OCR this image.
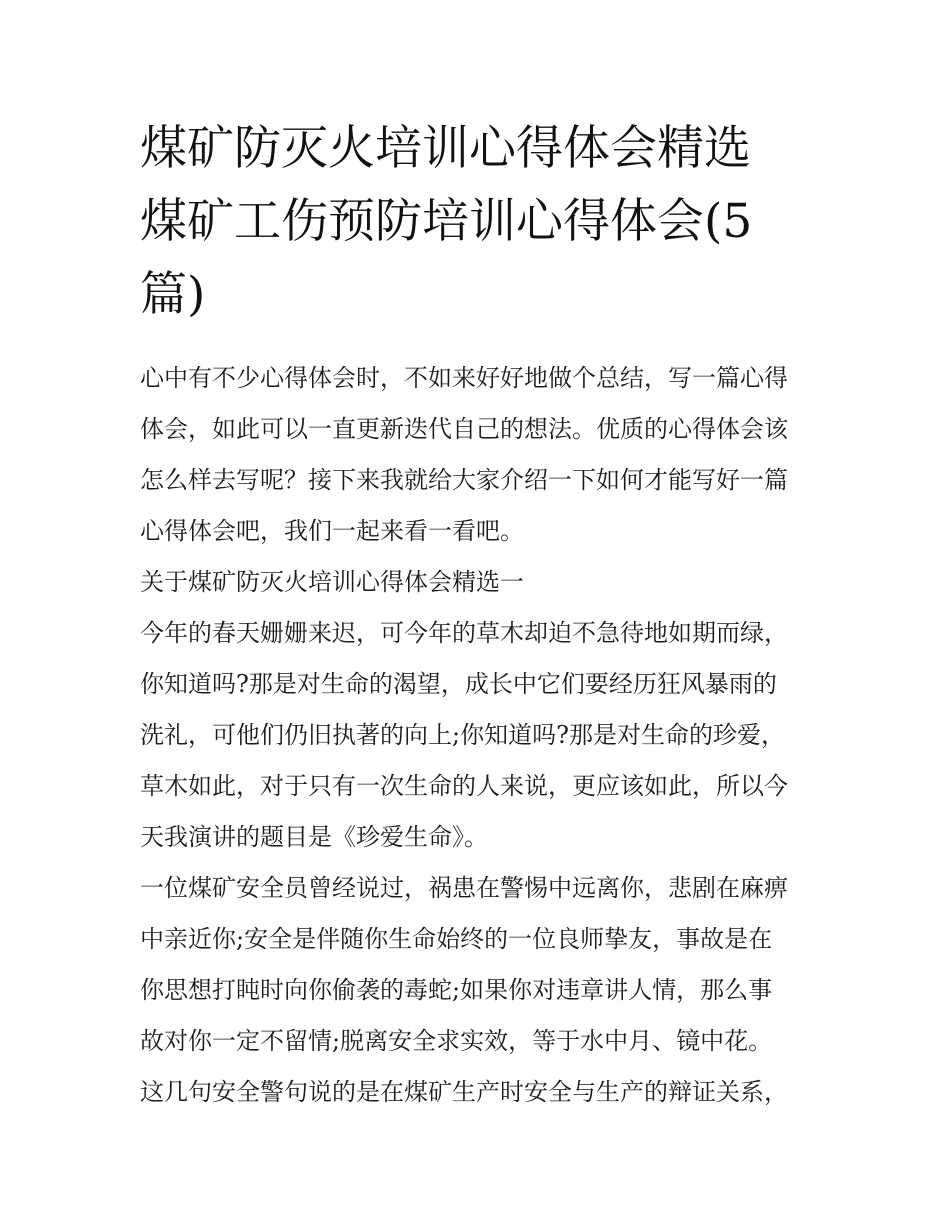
煤矿防灭火培训心得体会精选
煤矿工伤预防培训心得体会(5
篇)
心中有不少心得体会时，不如来好好地做个总结，写一篇心得
体会，如此可以一直更新迭代自己的想法。优质的心得体会该
怎么样去写呢？接下来我就给大家介绍一下如何才能写好一篇
心得体会吧，我们一起来看一看吧。
关于煤矿防灭火培训心得体会精选一
今年的春天姗姗来迟，可今年的草木却迫不急待地如期而绿，
你知道吗?那是对生命的渴望，成长中它们要经历狂风暴雨的
洗礼，可他们仍旧执著的向上;你知道吗?那是对生命的珍爱，
草木如此，对于只有一次生命的人来说，更应该如此，所以今
天我演讲的题目是《珍爱生命》。
一位煤矿安全员曾经说过，祸患在警惕中远离你，悲剧在麻痹
中亲近你;安全是伴随你生命始终的一位良师挚友，事故是在
你思想打盹时向你偷袭的毒蛇;如果你对违章讲人情，那么事
故对你一定不留情;脱离安全求实效，等于水中月、镜中花。
这几句安全警句说的是在煤矿生产时安全与生产的辩证关系，
